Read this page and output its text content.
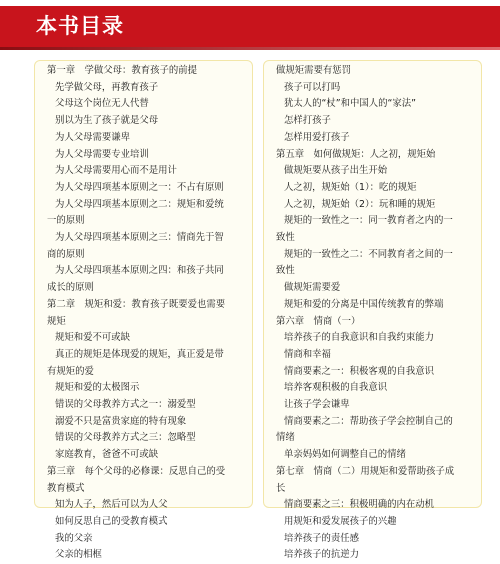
本书目录
第一章　学做父母：教育孩子的前提
先学做父母，再教育孩子
父母这个岗位无人代替
别以为生了孩子就是父母
为人父母需要谦卑
为人父母需要专业培训
为人父母需要用心而不是用计
为人父母四项基本原则之一：不占有原则
为人父母四项基本原则之二：规矩和爱统
一的原则
为人父母四项基本原则之三：情商先于智
商的原则
为人父母四项基本原则之四：和孩子共同
成长的原则
第二章　规矩和爱：教育孩子既要爱也需要
规矩
规矩和爱不可或缺
真正的规矩是体现爱的规矩，真正爱是带
有规矩的爱
规矩和爱的太极图示
错误的父母教养方式之一：溺爱型
溺爱不只是富贵家庭的特有现象
错误的父母教养方式之三：忽略型
家庭教育，爸爸不可或缺
第三章　每个父母的必修课：反思自己的受
教育模式
知为人子，然后可以为人父
如何反思自己的受教育模式
我的父亲
父亲的相框
做规矩需要有惩罚
孩子可以打吗
犹太人的“杖”和中国人的“家法”
怎样打孩子
怎样用爱打孩子
第五章　如何做规矩：人之初，规矩始
做规矩要从孩子出生开始
人之初，规矩始（1）：吃的规矩
人之初，规矩始（2）：玩和睡的规矩
规矩的一致性之一：同一教育者之内的一
致性
规矩的一致性之二：不同教育者之间的一
致性
做规矩需要爱
规矩和爱的分离是中国传统教育的弊端
第六章　情商（一）
培养孩子的自我意识和自我约束能力
情商和幸福
情商要素之一：积极客观的自我意识
培养客观积极的自我意识
让孩子学会谦卑
情商要素之二：帮助孩子学会控制自己的
情绪
单亲妈妈如何调整自己的情绪
第七章　情商（二）用规矩和爱帮助孩子成
长
情商要素之三：积极明确的内在动机
用规矩和爱发展孩子的兴趣
培养孩子的责任感
培养孩子的抗逆力
